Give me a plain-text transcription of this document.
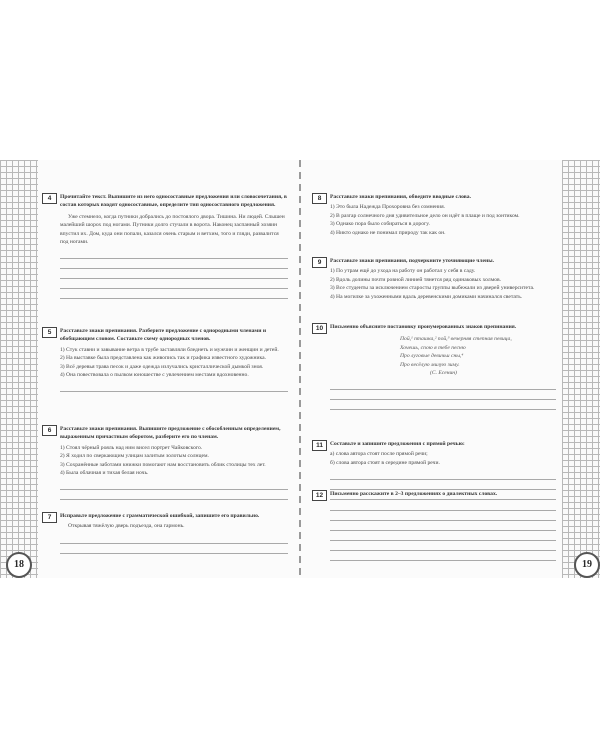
18	19
4	Прочитайте текст. Выпишите из него односоставные предложения или словосочетания, в состав которых входят односоставные, определите тип односоставного предложения.

Уже стемнело, когда путники добрались до постоялого двора. Тишина. Ни людей. Слышен малейший шорох под ногами. Путники долго стучали в ворота. Наконец заспанный хозяин впустил их. Дом, куда они попали, казался очень старым и ветхим, того и гляди, развалится под ногами.

5	Расставьте знаки препинания. Разберите предложение с однородными членами и обобщающим словом. Составьте схему однородных членов.

1) Стук ставни и завывание ветра в трубе заставляли бледнеть и мужчин и женщин и детей.

2) На выставке была представлена как живопись так и графика известного художника.

3) Всё деревья трава песок и даже одежда излучались кристаллической дымкой зноя.

4) Она повествовала о пылком юношестве с увлечением местами вдохновенно.

6	Расставьте знаки препинания. Выпишите предложение с обособленным определением, выраженным причастным оборотом, разберите его по членам.

1) Стоял чёрный рояль над ним висел портрет Чайковского.

2) Я ходил по сверкающим улицам залитым золотым солнцем.

3) Сохранённые заботами книжки помогают нам восстановить облик столицы тех лет.

4) Была облачная и тихая белая ночь.

7	Исправьте предложение с грамматической ошибкой, запишите его правильно.

Открывая тяжёлую дверь подъезда, она гармонь.

8	Расставьте знаки препинания, обведите вводные слова.

1) Это была Надежда Прохоровна без сомнения.

2) В разгар солнечного дня удивительное дело он идёт в плаще и под зонтиком.

3) Однако пора было собираться в дорогу.

4) Никто однако не понимал природу так как он.

9	Расставьте знаки препинания, подчеркните уточняющие члены.

1) По утрам ещё до ухода на работу он работал у себя в саду.

2) Вдоль долины почти ровной линией тянется ряд одинаковых холмов.

3) Все студенты за исключением старосты группы выбежали из дверей университета.

4) На могилке за ухоженными вдаль деревенскими домиками начинался светать.

10	Письменно объясните постановку пронумерованных знаков препинания.

Пой,¹ пташка,² пой,³ вечерняя степная певица,
Хочешь, спою я тебе песню
Про луговые девичьи сны,⁴
Про весёлую милую зиму.
(С. Есенин)
11	Составьте и запишите предложения с прямой речью:

а) слова автора стоят после прямой речи;

б) слова автора стоят в середине прямой речи.

12	Письменно расскажите в 2–3 предложениях о диалектных словах.
